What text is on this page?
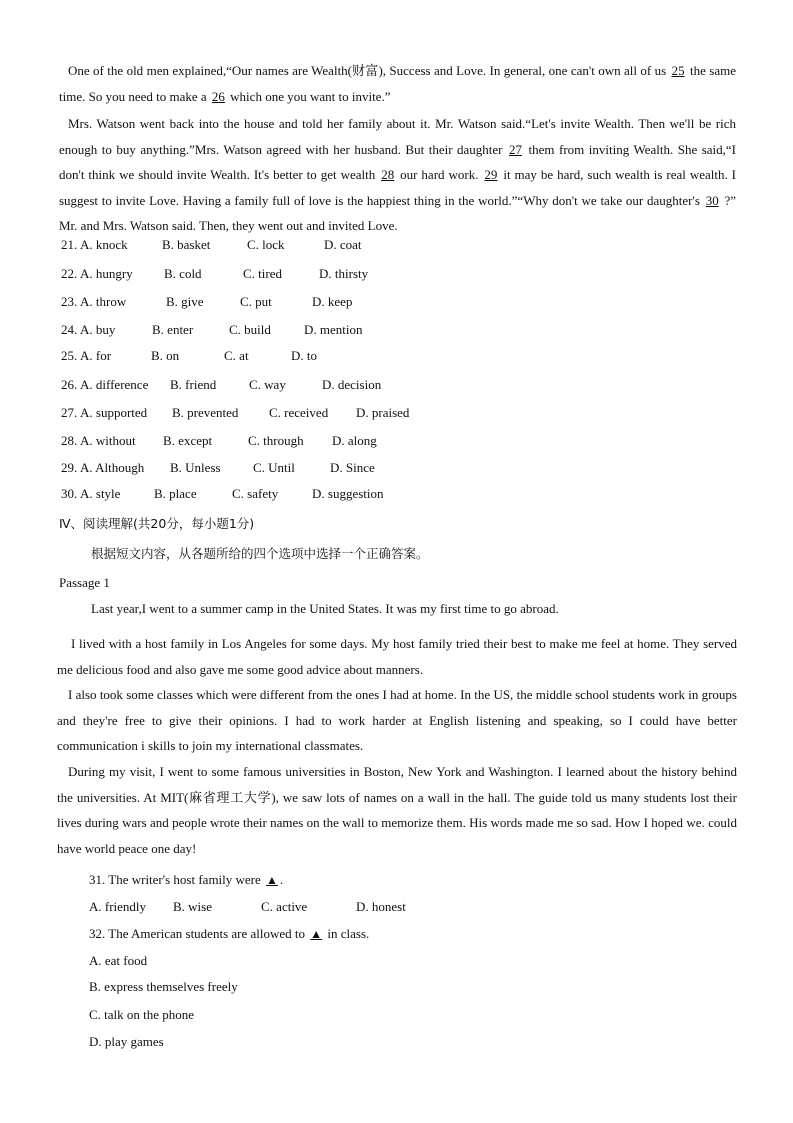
One of the old men explained,“Our names are Wealth(财富), Success and Love. In general, one can't own all of us 25 the same time. So you need to make a 26 which one you want to invite.”

Mrs. Watson went back into the house and told her family about it. Mr. Watson said.“Let's invite Wealth. Then we'll be rich enough to buy anything.”Mrs. Watson agreed with her husband. But their daughter 27 them from inviting Wealth. She said,“I don't think we should invite Wealth. It's better to get wealth 28 our hard work. 29 it may be hard, such wealth is real wealth. I suggest to invite Love. Having a family full of love is the happiest thing in the world.”“Why don't we take our daughter's 30 ?” Mr. and Mrs. Watson said. Then, they went out and invited Love.

21. A. knock	B. basket	C. lock	D. coat
22. A. hungry B. cold	C. tired	D. thirsty
23. A. throw	B. give	C. put	D. keep
24. A. buy	B. enter	C. build	D. mention
25. A. for	B. on	C. at	D. to
26. A. difference B. friend	C. way	D. decision
27. A. supported B. prevented C. received D. praised
28. A. without B. except	C. through D. along
29. A. Although B. Unless C. Until	D. Since
30. A. style	B. place	C. safety	D. suggestion
Ⅳ、阅读理解(共20分，每小题1分)
根据短文内容，从各题所给的四个选项中选择一个正确答案。
Passage 1

Last year,I went to a summer camp in the United States. It was my first time to go abroad.

I lived with a host family in Los Angeles for some days. My host family tried their best to make me feel at home. They served me delicious food and also gave me some good advice about manners.

I also took some classes which were different from the ones I had at home. In the US, the middle school students work in groups and they're free to give their opinions. I had to work harder at English listening and speaking, so I could have better communication i skills to join my international classmates.

During my visit, I went to some famous universities in Boston, New York and Washington. I learned about the history behind the universities. At MIT(麻省理工大学), we saw lots of names on a wall in the hall. The guide told us many students lost their lives during wars and people wrote their names on the wall to memorize them. His words made me so sad. How I hoped we. could have world peace one day!

31. The writer's host family were ▲ .
A. friendly B. wise	C. active	D. honest
32. The American students are allowed to ▲ in class.
A. eat food
B. express themselves freely
C. talk on the phone
D. play games
